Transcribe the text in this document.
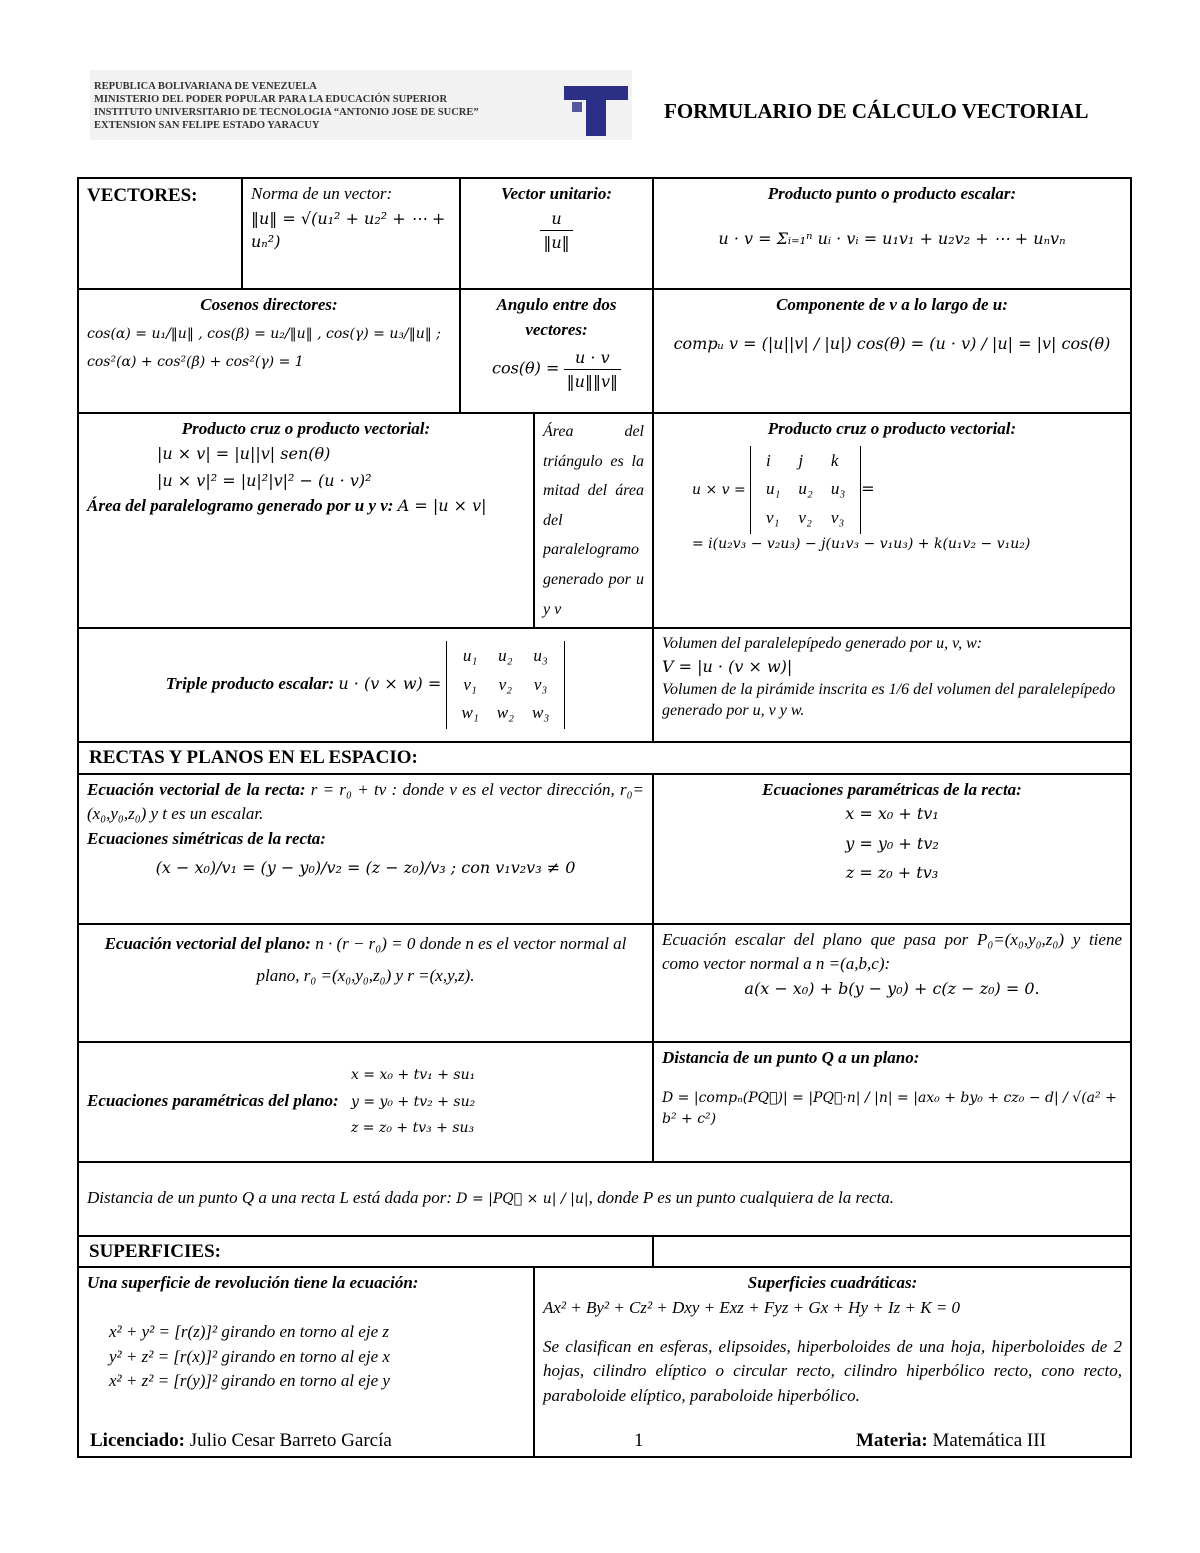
REPUBLICA BOLIVARIANA DE VENEZUELA
MINISTERIO DEL PODER POPULAR PARA LA EDUCACIÓN SUPERIOR
INSTITUTO UNIVERSITARIO DE TECNOLOGIA “ANTONIO JOSE DE SUCRE”
EXTENSION SAN FELIPE ESTADO YARACUY
FORMULARIO DE CÁLCULO VECTORIAL
VECTORES:	Norma de un vector:
‖u‖ = √(u₁² + u₂² + ⋯ + uₙ²)

Vector unitario:
$\frac{u}{‖u‖}$

Producto punto o producto escalar:
u · v = Σᵢ₌₁ⁿ uᵢ · vᵢ = u₁v₁ + u₂v₂ + ⋯ + uₙvₙ

Cosenos directores:
cos(α) = u₁/‖u‖ , cos(β) = u₂/‖u‖ , cos(γ) = u₃/‖u‖ ;
cos²(α) + cos²(β) + cos²(γ) = 1

Angulo entre dos vectores:
$\cos(\theta) = \frac{u \cdot v}{‖u‖‖v‖}$

Componente de v a lo largo de u:
compᵤ v = (|u||v| / |u|) cos(θ) = (u · v) / |u| = |v| cos(θ)

Producto cruz o producto vectorial:
|u × v| = |u||v| sen(θ)
|u × v|² = |u|²|v|² − (u · v)²
Área del paralelogramo generado por u y v: A = |u × v|

Área del triángulo es la mitad del área del paralelogramo generado por u y v

Producto cruz o producto vectorial:
u × v = i	j	k
u₁	u₂	u₃
v₁	v₂	v₃=
= i(u₂v₃ − v₂u₃) − j(u₁v₃ − v₁u₃) + k(u₁v₂ − v₁u₂)

Triple producto escalar: u · (v × w) = u₁	u₂	u₃
v₁	v₂	v₃
w₁	w₂	w₃	
Volumen del paralelepípedo generado por u, v, w:
V = |u · (v × w)|
Volumen de la pirámide inscrita es 1/6 del volumen del paralelepípedo generado por u, v y w.

RECTAS Y PLANOS EN EL ESPACIO:

Ecuación vectorial de la recta: r = r₀ + tv : donde v es el vector dirección, r₀=(x₀,y₀,z₀) y t es un escalar.
Ecuaciones simétricas de la recta:
(x − x₀)/v₁ = (y − y₀)/v₂ = (z − z₀)/v₃ ; con v₁v₂v₃ ≠ 0

Ecuaciones paramétricas de la recta:
x = x₀ + tv₁
y = y₀ + tv₂
z = z₀ + tv₃

Ecuación vectorial del plano: n · (r − r₀) = 0 donde n es el vector normal al plano, r₀ =(x₀,y₀,z₀) y r =(x,y,z).

Ecuación escalar del plano que pasa por P₀=(x₀,y₀,z₀) y tiene como vector normal a n =(a,b,c):
a(x − x₀) + b(y − y₀) + c(z − z₀) = 0.

Ecuaciones paramétricas del plano:
x = x₀ + tv₁ + su₁
y = y₀ + tv₂ + su₂
z = z₀ + tv₃ + su₃

Distancia de un punto Q a un plano:
D = |compₙ(PQ⃗)| = |PQ⃗·n| / |n| = |ax₀ + by₀ + cz₀ − d| / √(a² + b² + c²)

Distancia de un punto Q a una recta L está dada por: D = |PQ⃗ × u| / |u|, donde P es un punto cualquiera de la recta.

SUPERFICIES:

Una superficie de revolución tiene la ecuación:
x² + y² = [r(z)]² girando en torno al eje z
y² + z² = [r(x)]² girando en torno al eje x
x² + z² = [r(y)]² girando en torno al eje y

Superficies cuadráticas:
Ax² + By² + Cz² + Dxy + Exz + Fyz + Gx + Hy + Iz + K = 0
Se clasifican en esferas, elipsoides, hiperboloides de una hoja, hiperboloides de 2 hojas, cilindro elíptico o circular recto, cilindro hiperbólico recto, cono recto, paraboloide elíptico, paraboloide hiperbólico.
Licenciado: Julio Cesar Barreto García	1	Materia: Matemática III
